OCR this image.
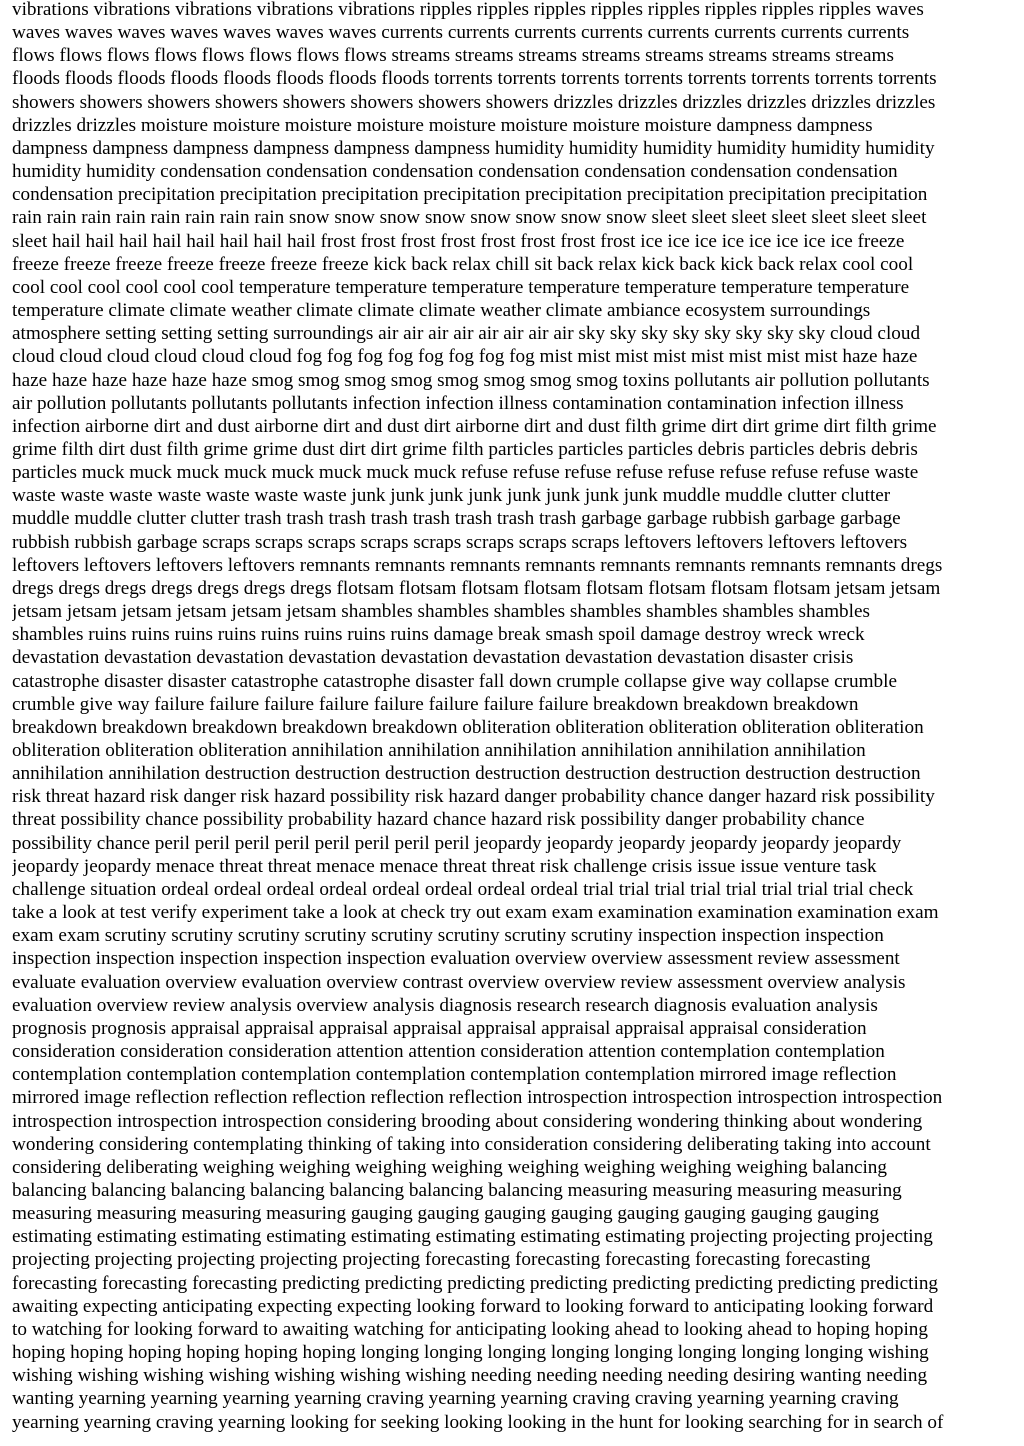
vibrations vibrations vibrations vibrations vibrations ripples ripples ripples ripples ripples ripples ripples ripples waves
waves waves waves waves waves waves waves currents currents currents currents currents currents currents currents
flows flows flows flows flows flows flows flows streams streams streams streams streams streams streams streams
floods floods floods floods floods floods floods floods torrents torrents torrents torrents torrents torrents torrents torrents
showers showers showers showers showers showers showers showers drizzles drizzles drizzles drizzles drizzles drizzles
drizzles drizzles moisture moisture moisture moisture moisture moisture moisture moisture dampness dampness
dampness dampness dampness dampness dampness dampness humidity humidity humidity humidity humidity humidity
humidity humidity condensation condensation condensation condensation condensation condensation condensation
condensation precipitation precipitation precipitation precipitation precipitation precipitation precipitation precipitation
rain rain rain rain rain rain rain rain snow snow snow snow snow snow snow snow sleet sleet sleet sleet sleet sleet sleet
sleet hail hail hail hail hail hail hail hail frost frost frost frost frost frost frost frost ice ice ice ice ice ice ice ice freeze
freeze freeze freeze freeze freeze freeze freeze kick back relax chill sit back relax kick back kick back relax cool cool
cool cool cool cool cool cool temperature temperature temperature temperature temperature temperature temperature
temperature climate climate weather climate climate climate weather climate ambiance ecosystem surroundings
atmosphere setting setting setting surroundings air air air air air air air air sky sky sky sky sky sky sky sky cloud cloud
cloud cloud cloud cloud cloud cloud fog fog fog fog fog fog fog fog mist mist mist mist mist mist mist mist haze haze
haze haze haze haze haze haze smog smog smog smog smog smog smog smog toxins pollutants air pollution pollutants
air pollution pollutants pollutants pollutants infection infection illness contamination contamination infection illness
infection airborne dirt and dust airborne dirt and dust dirt airborne dirt and dust filth grime dirt dirt grime dirt filth grime
grime filth dirt dust filth grime grime dust dirt dirt grime filth particles particles particles debris particles debris debris
particles muck muck muck muck muck muck muck muck refuse refuse refuse refuse refuse refuse refuse refuse waste
waste waste waste waste waste waste waste junk junk junk junk junk junk junk junk muddle muddle clutter clutter
muddle muddle clutter clutter trash trash trash trash trash trash trash trash garbage garbage rubbish garbage garbage
rubbish rubbish garbage scraps scraps scraps scraps scraps scraps scraps scraps leftovers leftovers leftovers leftovers
leftovers leftovers leftovers leftovers remnants remnants remnants remnants remnants remnants remnants remnants dregs
dregs dregs dregs dregs dregs dregs dregs flotsam flotsam flotsam flotsam flotsam flotsam flotsam flotsam jetsam jetsam
jetsam jetsam jetsam jetsam jetsam jetsam shambles shambles shambles shambles shambles shambles shambles
shambles ruins ruins ruins ruins ruins ruins ruins ruins damage break smash spoil damage destroy wreck wreck
devastation devastation devastation devastation devastation devastation devastation devastation disaster crisis
catastrophe disaster disaster catastrophe catastrophe disaster fall down crumple collapse give way collapse crumble
crumble give way failure failure failure failure failure failure failure failure breakdown breakdown breakdown
breakdown breakdown breakdown breakdown breakdown obliteration obliteration obliteration obliteration obliteration
obliteration obliteration obliteration annihilation annihilation annihilation annihilation annihilation annihilation
annihilation annihilation destruction destruction destruction destruction destruction destruction destruction destruction
risk threat hazard risk danger risk hazard possibility risk hazard danger probability chance danger hazard risk possibility
threat possibility chance possibility probability hazard chance hazard risk possibility danger probability chance
possibility chance peril peril peril peril peril peril peril peril jeopardy jeopardy jeopardy jeopardy jeopardy jeopardy
jeopardy jeopardy menace threat threat menace menace threat threat risk challenge crisis issue issue venture task
challenge situation ordeal ordeal ordeal ordeal ordeal ordeal ordeal ordeal trial trial trial trial trial trial trial trial check
take a look at test verify experiment take a look at check try out exam exam examination examination examination exam
exam exam scrutiny scrutiny scrutiny scrutiny scrutiny scrutiny scrutiny scrutiny inspection inspection inspection
inspection inspection inspection inspection inspection evaluation overview overview assessment review assessment
evaluate evaluation overview evaluation overview contrast overview overview review assessment overview analysis
evaluation overview review analysis overview analysis diagnosis research research diagnosis evaluation analysis
prognosis prognosis appraisal appraisal appraisal appraisal appraisal appraisal appraisal appraisal consideration
consideration consideration consideration attention attention consideration attention contemplation contemplation
contemplation contemplation contemplation contemplation contemplation contemplation mirrored image reflection
mirrored image reflection reflection reflection reflection reflection introspection introspection introspection introspection
introspection introspection introspection considering brooding about considering wondering thinking about wondering
wondering considering contemplating thinking of taking into consideration considering deliberating taking into account
considering deliberating weighing weighing weighing weighing weighing weighing weighing weighing balancing
balancing balancing balancing balancing balancing balancing balancing measuring measuring measuring measuring
measuring measuring measuring measuring gauging gauging gauging gauging gauging gauging gauging gauging
estimating estimating estimating estimating estimating estimating estimating estimating projecting projecting projecting
projecting projecting projecting projecting projecting forecasting forecasting forecasting forecasting forecasting
forecasting forecasting forecasting predicting predicting predicting predicting predicting predicting predicting predicting
awaiting expecting anticipating expecting expecting looking forward to looking forward to anticipating looking forward
to watching for looking forward to awaiting watching for anticipating looking ahead to looking ahead to hoping hoping
hoping hoping hoping hoping hoping hoping longing longing longing longing longing longing longing longing wishing
wishing wishing wishing wishing wishing wishing wishing needing needing needing needing desiring wanting needing
wanting yearning yearning yearning yearning craving yearning yearning craving craving yearning yearning craving
yearning yearning craving yearning looking for seeking looking looking in the hunt for looking searching for in search of
